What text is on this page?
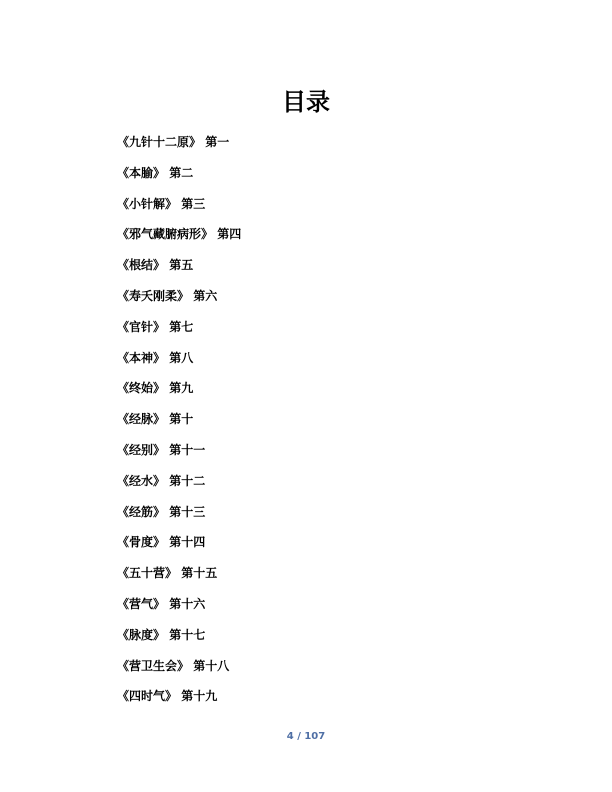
目录
《九针十二原》 第一
《本腧》 第二
《小针解》 第三
《邪气藏腑病形》 第四
《根结》 第五
《寿夭刚柔》 第六
《官针》 第七
《本神》 第八
《终始》 第九
《经脉》 第十
《经别》 第十一
《经水》 第十二
《经筋》 第十三
《骨度》 第十四
《五十营》 第十五
《营气》 第十六
《脉度》 第十七
《营卫生会》 第十八
《四时气》 第十九
4 / 107
